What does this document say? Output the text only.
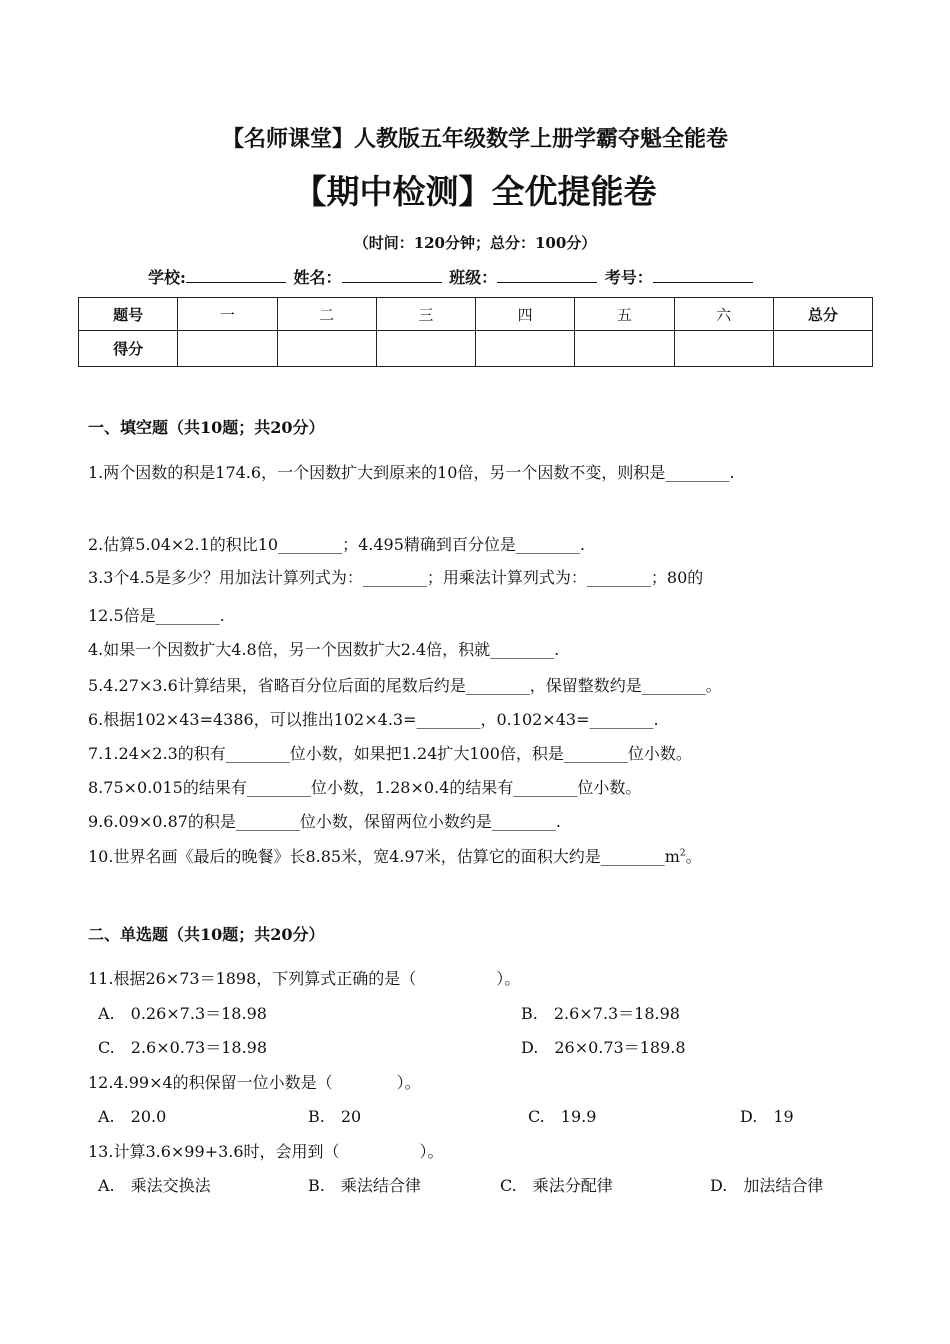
【名师课堂】人教版五年级数学上册学霸夺魁全能卷
【期中检测】全优提能卷
（时间：120分钟；总分：100分）
学校:	姓名：	班级：	考号：
题号	一	二	三	四	五	六	总分
得分							
一、填空题（共10题；共20分）
1.两个因数的积是174.6，一个因数扩大到原来的10倍，另一个因数不变，则积是________.
2.估算5.04×2.1的积比10________；4.495精确到百分位是________.
3.3个4.5是多少？用加法计算列式为：________；用乘法计算列式为：________；80的
12.5倍是________.
4.如果一个因数扩大4.8倍，另一个因数扩大2.4倍，积就________.
5.4.27×3.6计算结果，省略百分位后面的尾数后约是________，保留整数约是________。
6.根据102×43=4386，可以推出102×4.3=________，0.102×43=________.
7.1.24×2.3的积有________位小数，如果把1.24扩大100倍，积是________位小数。
8.75×0.015的结果有________位小数，1.28×0.4的结果有________位小数。
9.6.09×0.87的积是________位小数，保留两位小数约是________.
10.世界名画《最后的晚餐》长8.85米，宽4.97米，估算它的面积大约是$\_\_\_\_\_\_\_\_m^2$。
二、单选题（共10题；共20分）
11.根据26×73＝1898，下列算式正确的是（　　　　　）。
A.　0.26×7.3＝18.98	B.　2.6×7.3＝18.98
C.　2.6×0.73＝18.98	D.　26×0.73＝189.8
12.4.99×4的积保留一位小数是（　　　　）。
A.　20.0	B.　20	C.　19.9	D.　19
13.计算3.6×99+3.6时，会用到（　　　　　）。
A.　乘法交换法	B.　乘法结合律	C.　乘法分配律	D.　加法结合律
